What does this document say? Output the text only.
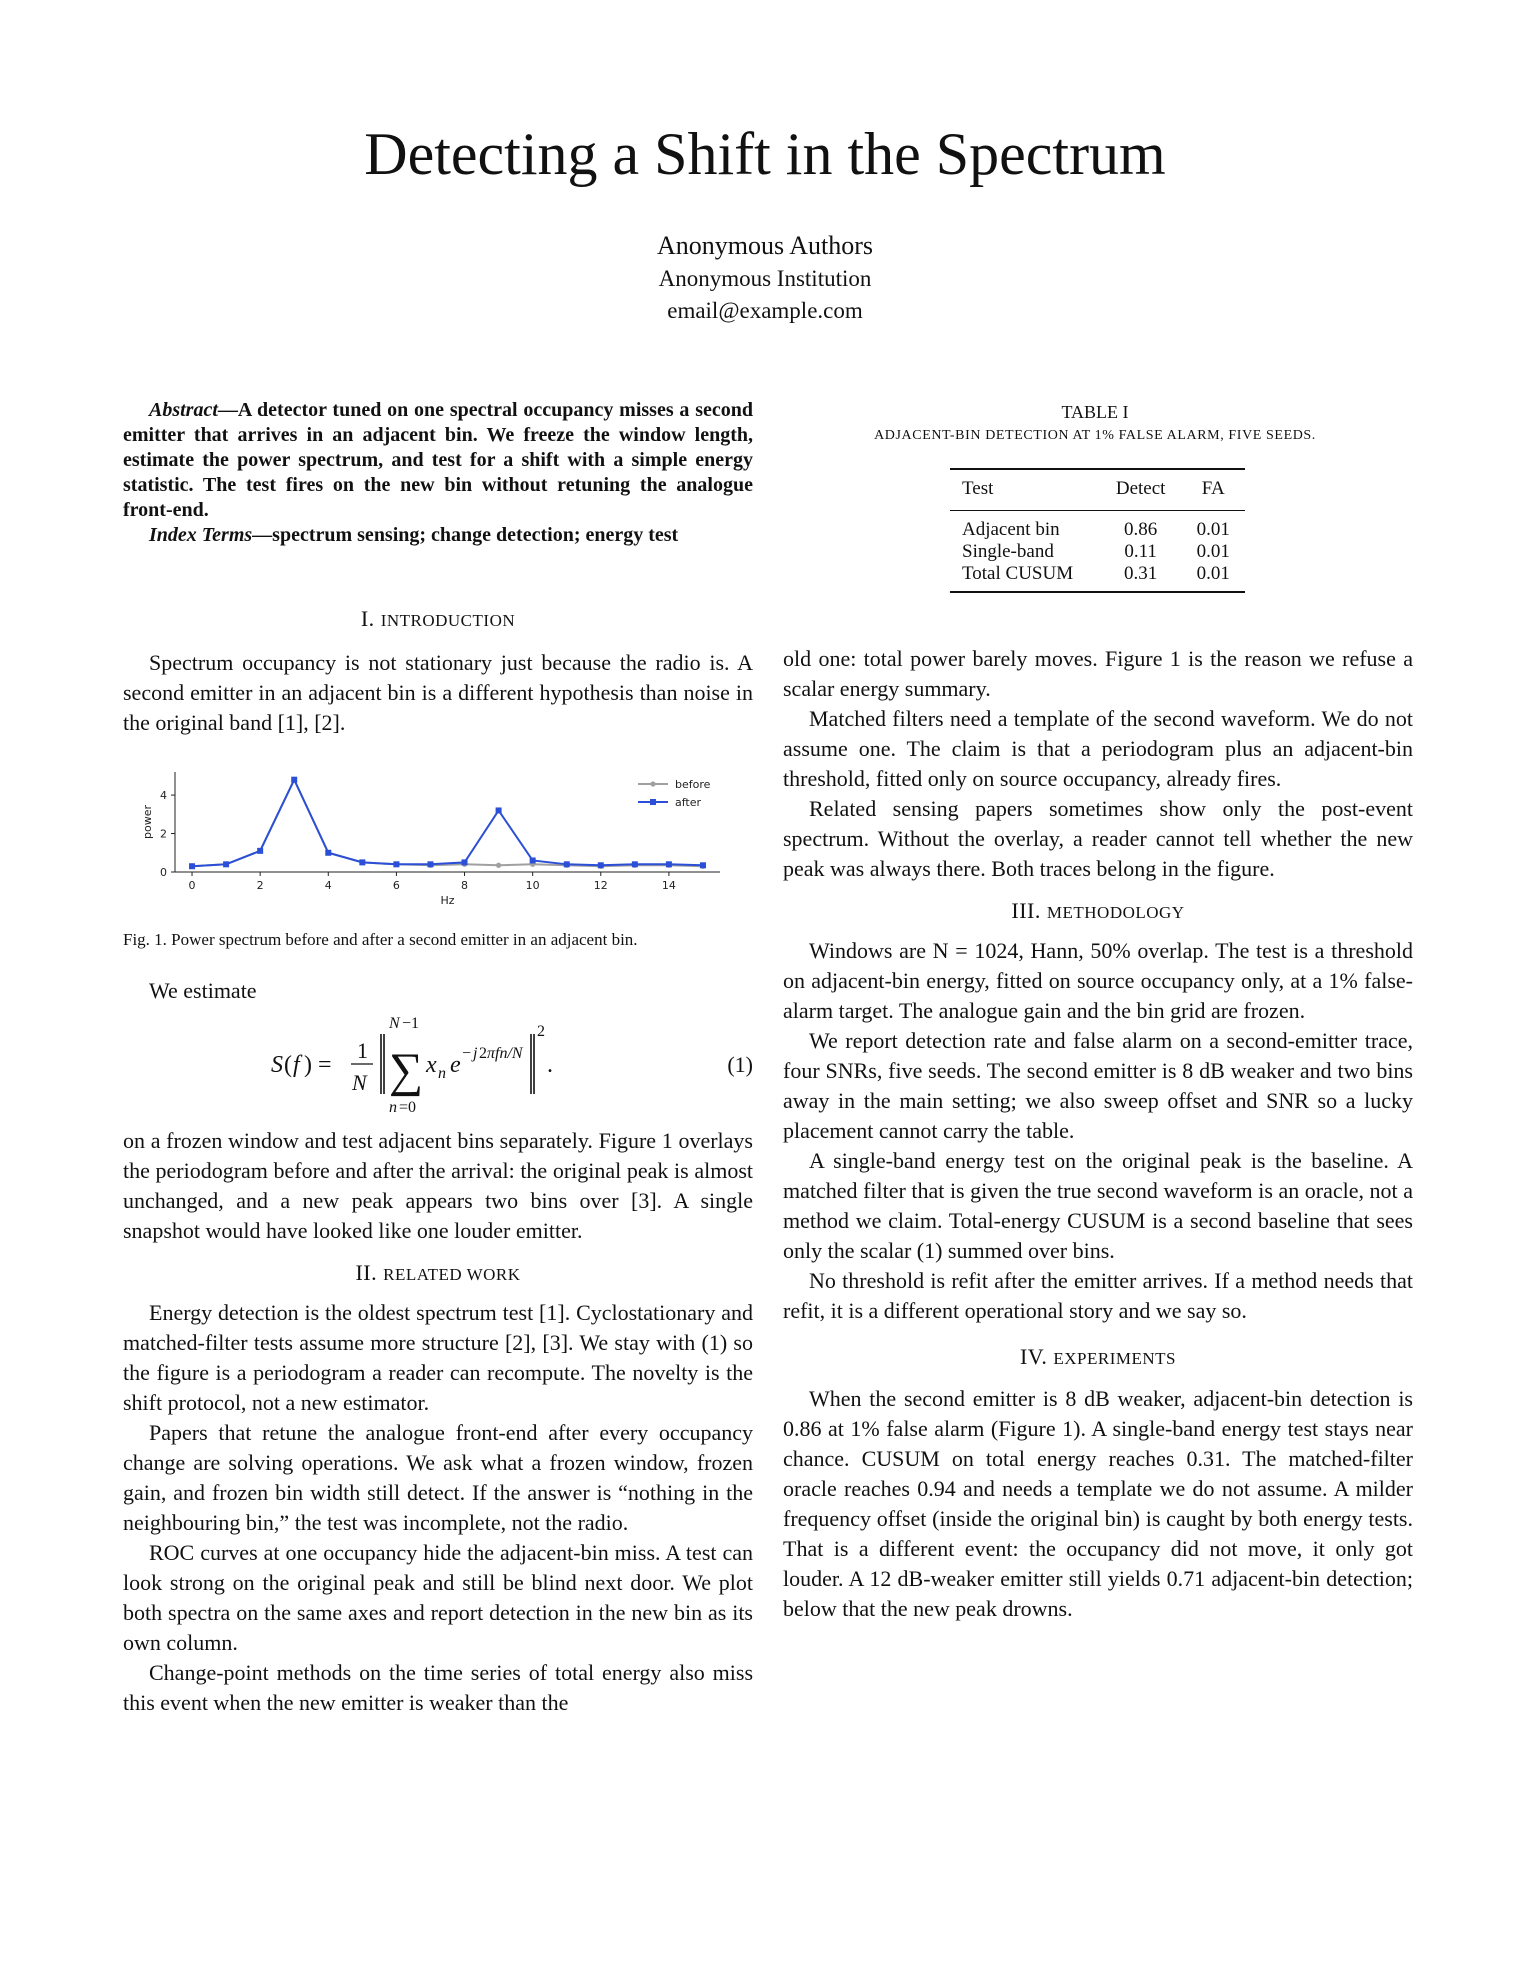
Detecting a Shift in the Spectrum
Anonymous Authors
Anonymous Institution
email@example.com

Abstract—A detector tuned on one spectral occupancy misses a second emitter that arrives in an adjacent bin. We freeze the window length, estimate the power spectrum, and test for a shift with a simple energy statistic. The test fires on the new bin without retuning the analogue front-end.

Index Terms—spectrum sensing; change detection; energy test

I. INTRODUCTION

Spectrum occupancy is not stationary just because the radio is. A second emitter in an adjacent bin is a different hypothesis than noise in the original band [1], [2].

0	2	4	6	8	10	12	14
0
2
4
Hz
power
before
after
Fig. 1. Power spectrum before and after a second emitter in an adjacent bin.

We estimate

S ( f ) =
1
N
N −1
∑
n =0
x n e − j 2 πfn/N
2
.	(1)

on a frozen window and test adjacent bins separately. Figure 1 overlays the periodogram before and after the arrival: the original peak is almost unchanged, and a new peak appears two bins over [3]. A single snapshot would have looked like one louder emitter.

II. RELATED WORK

Energy detection is the oldest spectrum test [1]. Cyclostationary and matched-filter tests assume more structure [2], [3]. We stay with (1) so the figure is a periodogram a reader can recompute. The novelty is the shift protocol, not a new estimator.

Papers that retune the analogue front-end after every occupancy change are solving operations. We ask what a frozen window, frozen gain, and frozen bin width still detect. If the answer is “nothing in the neighbouring bin,” the test was incomplete, not the radio.

ROC curves at one occupancy hide the adjacent-bin miss. A test can look strong on the original peak and still be blind next door. We plot both spectra on the same axes and report detection in the new bin as its own column.

Change-point methods on the time series of total energy also miss this event when the new emitter is weaker than the

TABLE I
ADJACENT-BIN DETECTION AT 1% FALSE ALARM, FIVE SEEDS.
Test	Detect	FA
Adjacent bin	0.86	0.01
Single-band	0.11	0.01
Total CUSUM	0.31	0.01

old one: total power barely moves. Figure 1 is the reason we refuse a scalar energy summary.

Matched filters need a template of the second waveform. We do not assume one. The claim is that a periodogram plus an adjacent-bin threshold, fitted only on source occupancy, already fires.

Related sensing papers sometimes show only the post-event spectrum. Without the overlay, a reader cannot tell whether the new peak was always there. Both traces belong in the figure.

III. METHODOLOGY

Windows are N = 1024, Hann, 50% overlap. The test is a threshold on adjacent-bin energy, fitted on source occupancy only, at a 1% false-alarm target. The analogue gain and the bin grid are frozen.

We report detection rate and false alarm on a second-emitter trace, four SNRs, five seeds. The second emitter is 8 dB weaker and two bins away in the main setting; we also sweep offset and SNR so a lucky placement cannot carry the table.

A single-band energy test on the original peak is the baseline. A matched filter that is given the true second waveform is an oracle, not a method we claim. Total-energy CUSUM is a second baseline that sees only the scalar (1) summed over bins.

No threshold is refit after the emitter arrives. If a method needs that refit, it is a different operational story and we say so.

IV. EXPERIMENTS

When the second emitter is 8 dB weaker, adjacent-bin detection is 0.86 at 1% false alarm (Figure 1). A single-band energy test stays near chance. CUSUM on total energy reaches 0.31. The matched-filter oracle reaches 0.94 and needs a template we do not assume. A milder frequency offset (inside the original bin) is caught by both energy tests. That is a different event: the occupancy did not move, it only got louder. A 12 dB-weaker emitter still yields 0.71 adjacent-bin detection; below that the new peak drowns.
